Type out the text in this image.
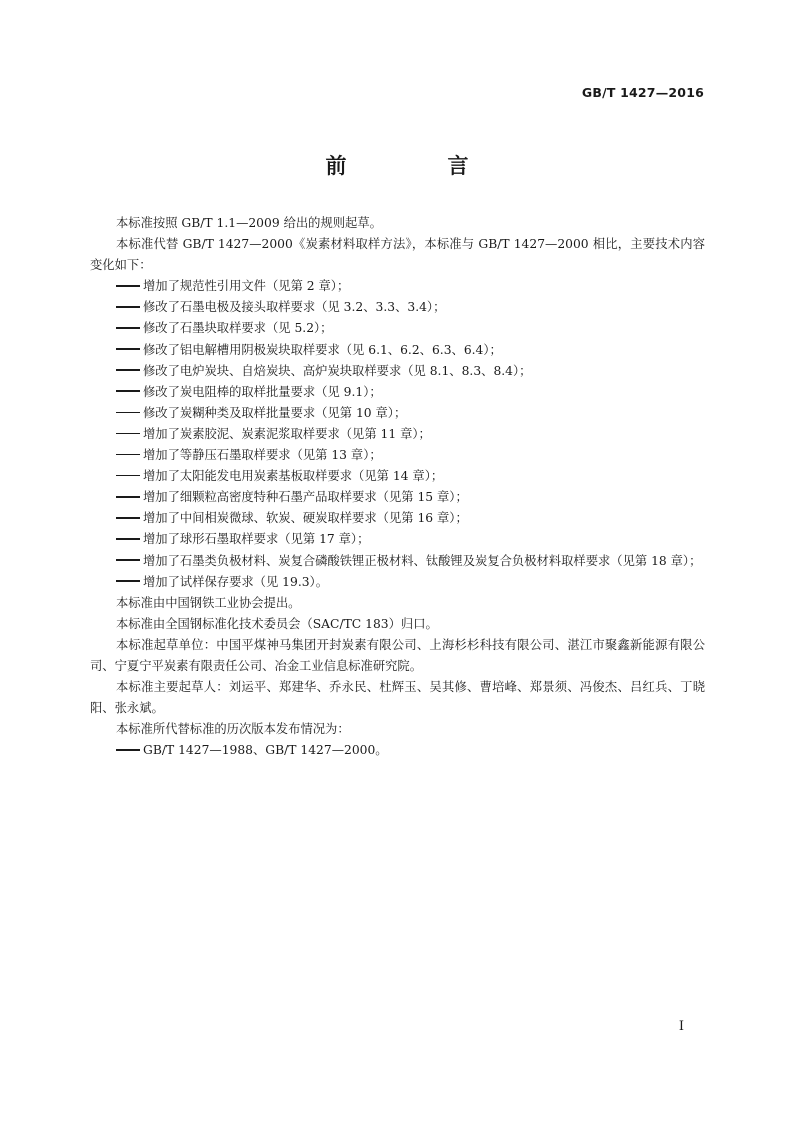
GB/T 1427—2016
前　言

本标准按照 GB/T 1.1—2009 给出的规则起草。

本标准代替 GB/T 1427—2000《炭素材料取样方法》，本标准与 GB/T 1427—2000 相比，主要技术内容变化如下：

增加了规范性引用文件（见第 2 章）；

修改了石墨电极及接头取样要求（见 3.2、3.3、3.4）；

修改了石墨块取样要求（见 5.2）；

修改了铝电解槽用阴极炭块取样要求（见 6.1、6.2、6.3、6.4）；

修改了电炉炭块、自焙炭块、高炉炭块取样要求（见 8.1、8.3、8.4）；

修改了炭电阻棒的取样批量要求（见 9.1）；

修改了炭糊种类及取样批量要求（见第 10 章）；

增加了炭素胶泥、炭素泥浆取样要求（见第 11 章）；

增加了等静压石墨取样要求（见第 13 章）；

增加了太阳能发电用炭素基板取样要求（见第 14 章）；

增加了细颗粒高密度特种石墨产品取样要求（见第 15 章）；

增加了中间相炭微球、软炭、硬炭取样要求（见第 16 章）；

增加了球形石墨取样要求（见第 17 章）；

增加了石墨类负极材料、炭复合磷酸铁锂正极材料、钛酸锂及炭复合负极材料取样要求（见第 18 章）；

增加了试样保存要求（见 19.3）。

本标准由中国钢铁工业协会提出。

本标准由全国钢标准化技术委员会（SAC/TC 183）归口。

本标准起草单位：中国平煤神马集团开封炭素有限公司、上海杉杉科技有限公司、湛江市聚鑫新能源有限公司、宁夏宁平炭素有限责任公司、冶金工业信息标准研究院。

本标准主要起草人：刘运平、郑建华、乔永民、杜辉玉、吴其修、曹培峰、郑景须、冯俊杰、吕红兵、丁晓阳、张永斌。

本标准所代替标准的历次版本发布情况为：

GB/T 1427—1988、GB/T 1427—2000。

I
